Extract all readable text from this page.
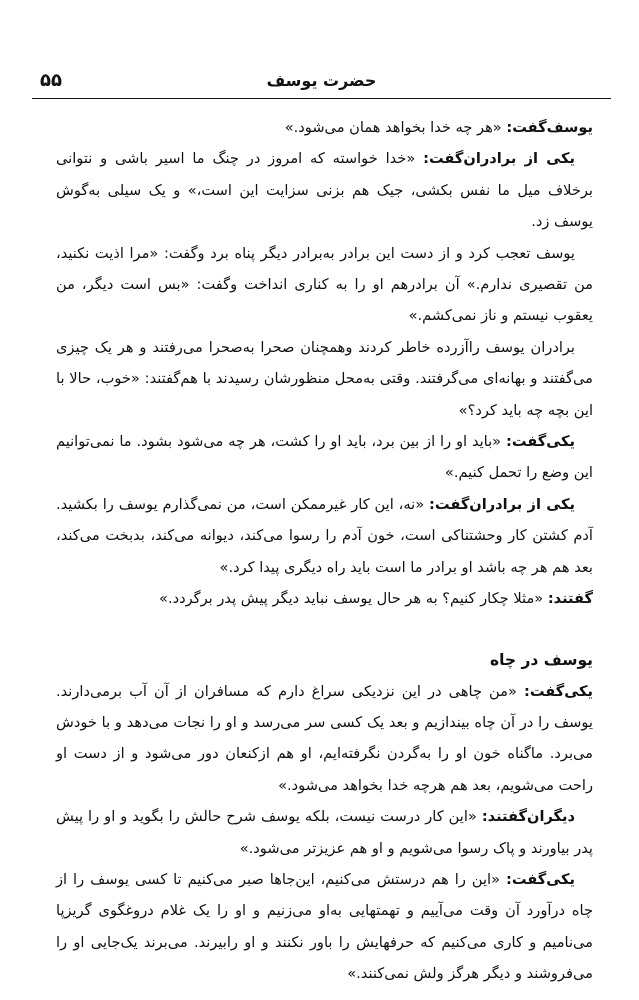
۵۵	حضرت یوسف

یوسف‌گفت: «هر چه خدا بخواهد همان می‌شود.»

یکی از برادران‌گفت: «خدا خواسته که امروز در چنگ ما اسیر باشی و نتوانی برخلاف میل ما نفس بکشی، جیک هم بزنی سزایت این است،» و یک سیلی به‌گوش یوسف زد.

یوسف تعجب کرد و از دست این برادر به‌برادر دیگر پناه برد وگفت: «مرا اذیت نکنید، من تقصیری ندارم.» آن برادرهم او را به کناری انداخت وگفت: «بس است دیگر، من یعقوب نیستم و ناز نمی‌کشم.»

برادران یوسف راآزرده خاطر کردند وهمچنان صحرا به‌صحرا می‌رفتند و هر یک چیزی می‌گفتند و بهانه‌ای می‌گرفتند. وقتی به‌محل منظورشان رسیدند با هم‌گفتند: «خوب، حالا با این بچه چه باید کرد؟»

یکی‌گفت: «باید او را از بین برد، باید او را کشت، هر چه می‌شود بشود. ما نمی‌توانیم این وضع را تحمل کنیم.»

یکی از برادران‌گفت: «نه، این کار غیرممکن است، من نمی‌گذارم یوسف را بکشید. آدم کشتن کار وحشتناکی است، خون آدم را رسوا می‌کند، دیوانه می‌کند، بدبخت می‌کند، بعد هم هر چه باشد او برادر ما است باید راه دیگری پیدا کرد.»

گفتند: «مثلا چکار کنیم؟ به هر حال یوسف نباید دیگر پیش پدر برگردد.»

یوسف در چاه

یکی‌گفت: «من چاهی در این نزدیکی سراغ دارم که مسافران از آن آب برمی‌دارند. یوسف را در آن چاه بیندازیم و بعد یک کسی سر می‌رسد و او را نجات می‌دهد و با خودش می‌برد. ماگناه خون او را به‌گردن نگرفته‌ایم، او هم ازکنعان دور می‌شود و از دست او راحت می‌شویم، بعد هم هرچه خدا بخواهد می‌شود.»

دیگران‌گفتند: «این کار درست نیست، بلکه یوسف شرح حالش را بگوید و او را پیش پدر بیاورند و پاک رسوا می‌شویم و او هم عزیزتر می‌شود.»

یکی‌گفت: «این را هم درستش می‌کنیم، این‌جاها صبر می‌کنیم تا کسی یوسف را از چاه درآورد آن وقت می‌آییم و تهمتهایی به‌او می‌زنیم و او را یک غلام دروغگوی گریزپا می‌نامیم و کاری می‌کنیم که حرفهایش را باور نکنند و او رابیرند. می‌برند یک‌جایی او را می‌فروشند و دیگر هرگز ولش نمی‌کنند.»
